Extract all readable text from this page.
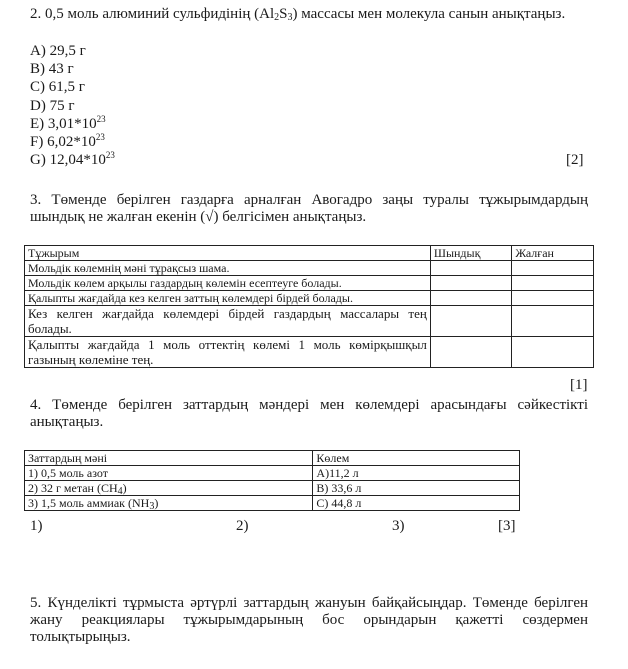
2. 0,5 моль алюминий сульфидінің $(Al_2S_3)$ массасы мен молекула санын анықтаңыз.
A) 29,5 г
B) 43 г
C) 61,5 г
D) 75 г
E) $3,01*10^{23}$
F) $6,02*10^{23}$
G) $12,04*10^{23}$	[2]
3. Төменде берілген газдарға арналған Авогадро заңы туралы тұжырымдардың шындық не жалған екенін (√) белгісімен анықтаңыз.
Тұжырым	Шындық	Жалған
Мольдік көлемнің мәні тұрақсыз шама.		
Мольдік көлем арқылы газдардың көлемін есептеуге болады.		
Қалыпты жағдайда кез келген заттың көлемдері бірдей болады.		
Кез келген жағдайда көлемдері бірдей газдардың массалары тең болады.		
Қалыпты жағдайда 1 моль оттектің көлемі 1 моль көмірқышқыл газының көлеміне тең.		
[1]
4. Төменде берілген заттардың мәндері мен көлемдері арасындағы сәйкестікті анықтаңыз.
Заттардың мәні	Көлем
1) 0,5 моль азот	А)11,2 л
2) 32 г метан $(CH_4)$	В) 33,6 л
3) 1,5 моль аммиак $(NH_3)$	С) 44,8 л
1)	2)	3)	[3]
5. Күнделікті тұрмыста әртүрлі заттардың жануын байқайсыңдар. Төменде берілген жану реакциялары тұжырымдарының бос орындарын қажетті сөздермен толықтырыңыз.
